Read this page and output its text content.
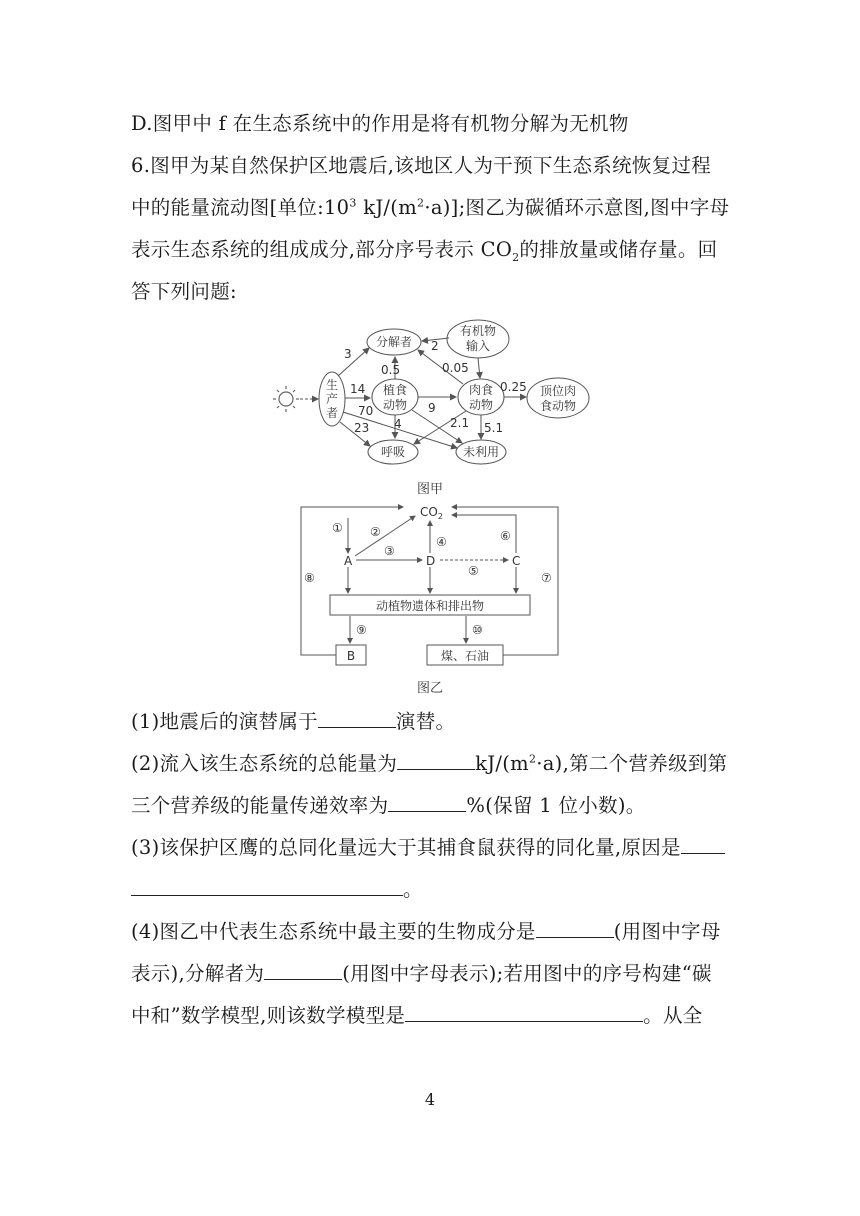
D.图甲中 f 在生态系统中的作用是将有机物分解为无机物
6.图甲为某自然保护区地震后,该地区人为干预下生态系统恢复过程
中的能量流动图[单位$:10^3$ $kJ/(m^2\cdot a)$];图乙为碳循环示意图,图中字母
表示生态系统的组成成分,部分序号表示 $CO_2$的排放量或储存量。回
答下列问题:
生
产
者
分解者
有机物
输入
植食
动物
肉食
动物
顶位肉
食动物
呼吸	未利用
3
14
70
23
0.5
9
4
2
0.05
0.25
2.1 5.1
图甲
$CO_2$
A	D	C
动植物遗体和排出物
B	煤、石油
① ②
③
④
⑤
⑥
⑦
⑧
⑨	⑩
图乙
(1)地震后的演替属于	演替。
(2)流入该生态系统的总能量为	$kJ/(m^2\cdot a)$,第二个营养级到第
三个营养级的能量传递效率为	%(保留 1 位小数)。
(3)该保护区鹰的总同化量远大于其捕食鼠获得的同化量,原因是
。
(4)图乙中代表生态系统中最主要的生物成分是	(用图中字母
表示),分解者为	(用图中字母表示);若用图中的序号构建“碳
中和”数学模型,则该数学模型是	。从全
4
